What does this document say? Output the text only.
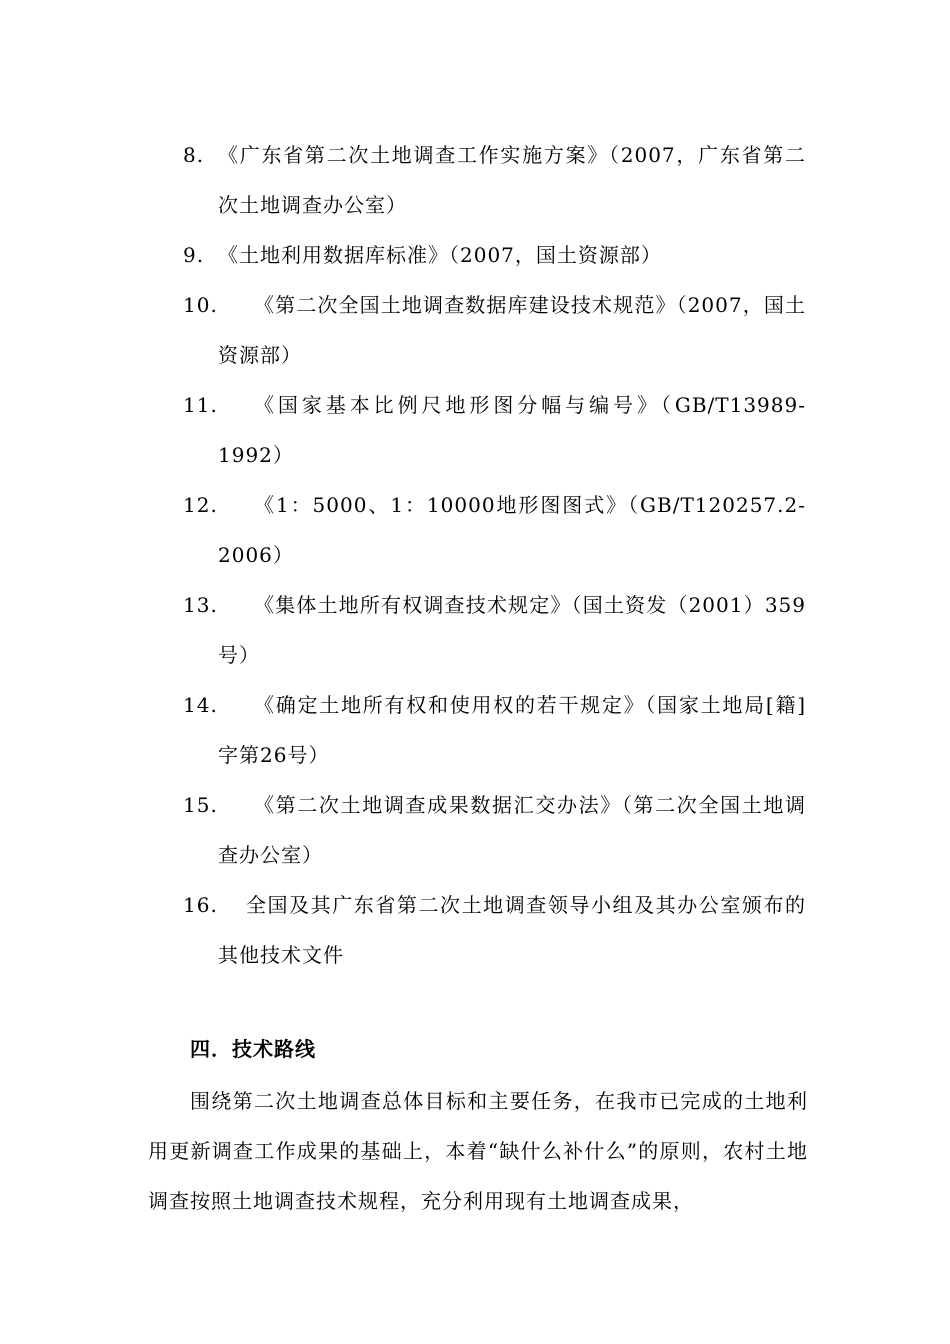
8. 《广东省第二次土地调查工作实施方案》（2007，广东省第二次土地调查办公室）
9. 《土地利用数据库标准》（2007，国土资源部）
10.	《第二次全国土地调查数据库建设技术规范》（2007，国土资源部）
11.	《国家基本比例尺地形图分幅与编号》（GB/T13989-1992）
12.	《1：5000、1：10000地形图图式》（GB/T120257.2-2006）
13.	《集体土地所有权调查技术规定》（国土资发（2001）359号）
14.	《确定土地所有权和使用权的若干规定》（国家土地局[籍]字第26号）
15.	《第二次土地调查成果数据汇交办法》（第二次全国土地调查办公室）
16.	全国及其广东省第二次土地调查领导小组及其办公室颁布的其他技术文件
四．技术路线

围绕第二次土地调查总体目标和主要任务，在我市已完成的土地利用更新调查工作成果的基础上，本着“缺什么补什么”的原则，农村土地调查按照土地调查技术规程，充分利用现有土地调查成果，
